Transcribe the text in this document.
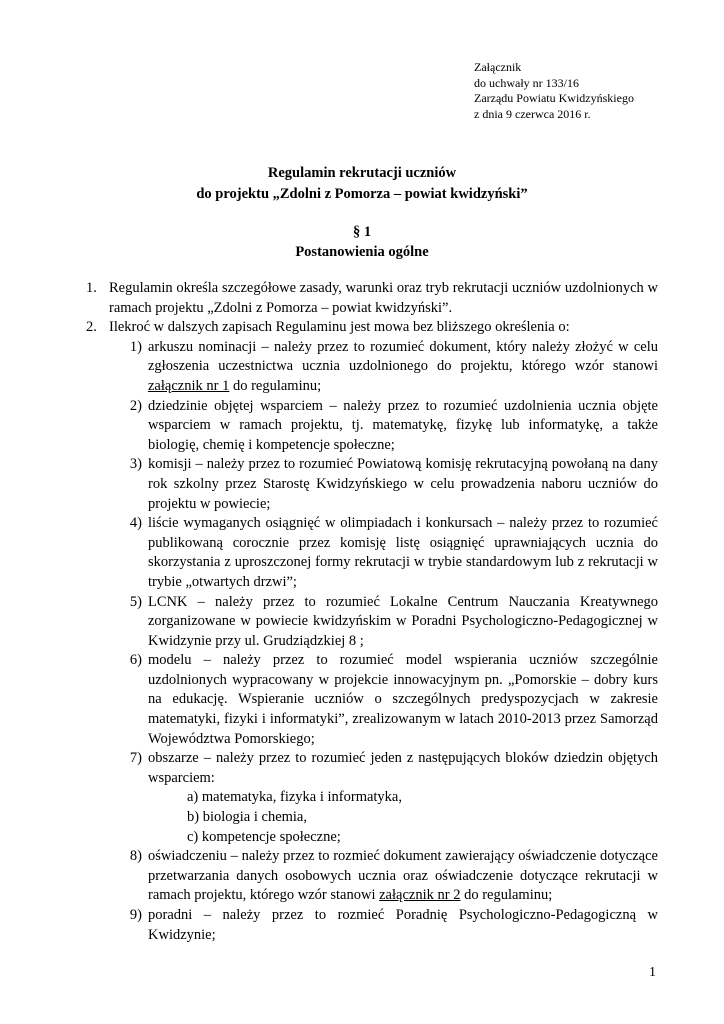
Załącznik
do uchwały nr 133/16
Zarządu Powiatu Kwidzyńskiego
z dnia 9 czerwca 2016 r.
Regulamin rekrutacji uczniów
do projektu „Zdolni z Pomorza – powiat kwidzyński”
§ 1
Postanowienia ogólne
1. Regulamin określa szczegółowe zasady, warunki oraz tryb rekrutacji uczniów uzdolnionych w ramach projektu „Zdolni z Pomorza – powiat kwidzyński”.
2. Ilekroć w dalszych zapisach Regulaminu jest mowa bez bliższego określenia o:
1) arkuszu nominacji – należy przez to rozumieć dokument, który należy złożyć w celu zgłoszenia uczestnictwa ucznia uzdolnionego do projektu, którego wzór stanowi załącznik nr 1 do regulaminu;
2) dziedzinie objętej wsparciem – należy przez to rozumieć uzdolnienia ucznia objęte wsparciem w ramach projektu, tj. matematykę, fizykę lub informatykę, a także biologię, chemię i kompetencje społeczne;
3) komisji – należy przez to rozumieć Powiatową komisję rekrutacyjną powołaną na dany rok szkolny przez Starostę Kwidzyńskiego w celu prowadzenia naboru uczniów do projektu w powiecie;
4) liście wymaganych osiągnięć w olimpiadach i konkursach – należy przez to rozumieć publikowaną corocznie przez komisję listę osiągnięć uprawniających ucznia do skorzystania z uproszczonej formy rekrutacji w trybie standardowym lub z rekrutacji w trybie „otwartych drzwi”;
5) LCNK – należy przez to rozumieć Lokalne Centrum Nauczania Kreatywnego zorganizowane w powiecie kwidzyńskim w Poradni Psychologiczno-Pedagogicznej w Kwidzynie przy ul. Grudziądzkiej 8 ;
6) modelu – należy przez to rozumieć model wspierania uczniów szczególnie uzdolnionych wypracowany w projekcie innowacyjnym pn. „Pomorskie – dobry kurs na edukację. Wspieranie uczniów o szczególnych predyspozycjach w zakresie matematyki, fizyki i informatyki”, zrealizowanym w latach 2010-2013 przez Samorząd Województwa Pomorskiego;
7) obszarze – należy przez to rozumieć jeden z następujących bloków dziedzin objętych wsparciem:
a) matematyka, fizyka i informatyka,
b) biologia i chemia,
c) kompetencje społeczne;
8) oświadczeniu – należy przez to rozmieć dokument zawierający oświadczenie dotyczące przetwarzania danych osobowych ucznia oraz oświadczenie dotyczące rekrutacji w ramach projektu, którego wzór stanowi załącznik nr 2 do regulaminu;
9) poradni – należy przez to rozmieć Poradnię Psychologiczno-Pedagogiczną w Kwidzynie;
1
